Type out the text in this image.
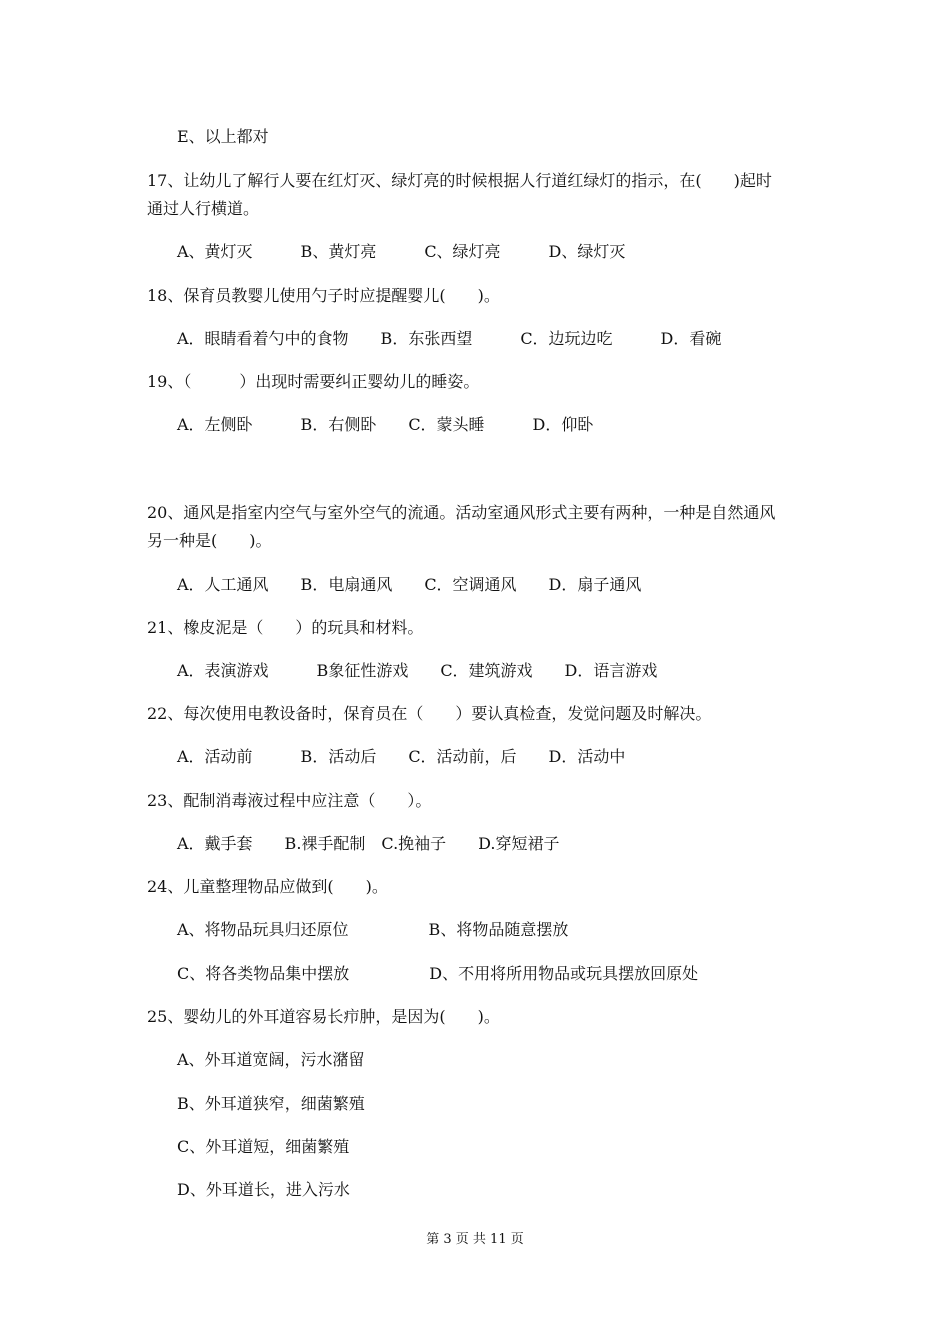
E、以上都对
17、让幼儿了解行人要在红灯灭、绿灯亮的时候根据人行道红绿灯的指示，在(　　)起时
通过人行横道。
A、黄灯灭　　　B、黄灯亮　　　C、绿灯亮　　　D、绿灯灭
18、保育员教婴儿使用勺子时应提醒婴儿(　　)。
A．眼睛看着勺中的食物　　B．东张西望　　　C．边玩边吃　　　D．看碗
19、（　　　）出现时需要纠正婴幼儿的睡姿。
A．左侧卧　　　B．右侧卧　　C．蒙头睡　　　D．仰卧
20、通风是指室内空气与室外空气的流通。活动室通风形式主要有两种，一种是自然通风
另一种是(　　)。
A．人工通风　　B．电扇通风　　C．空调通风　　D．扇子通风
21、橡皮泥是（　　）的玩具和材料。
A．表演游戏　　　B象征性游戏　　C．建筑游戏　　D．语言游戏
22、每次使用电教设备时，保育员在（　　）要认真检查，发觉问题及时解决。
A．活动前　　　B．活动后　　C．活动前，后　　D．活动中
23、配制消毒液过程中应注意（　　）。
A．戴手套　　B.裸手配制　C.挽袖子　　D.穿短裙子
24、儿童整理物品应做到(　　)。
A、将物品玩具归还原位　　　　　B、将物品随意摆放
C、将各类物品集中摆放　　　　　D、不用将所用物品或玩具摆放回原处
25、婴幼儿的外耳道容易长疖肿，是因为(　　)。
A、外耳道宽阔，污水潴留
B、外耳道狭窄，细菌繁殖
C、外耳道短，细菌繁殖
D、外耳道长，进入污水
第 3 页 共 11 页
